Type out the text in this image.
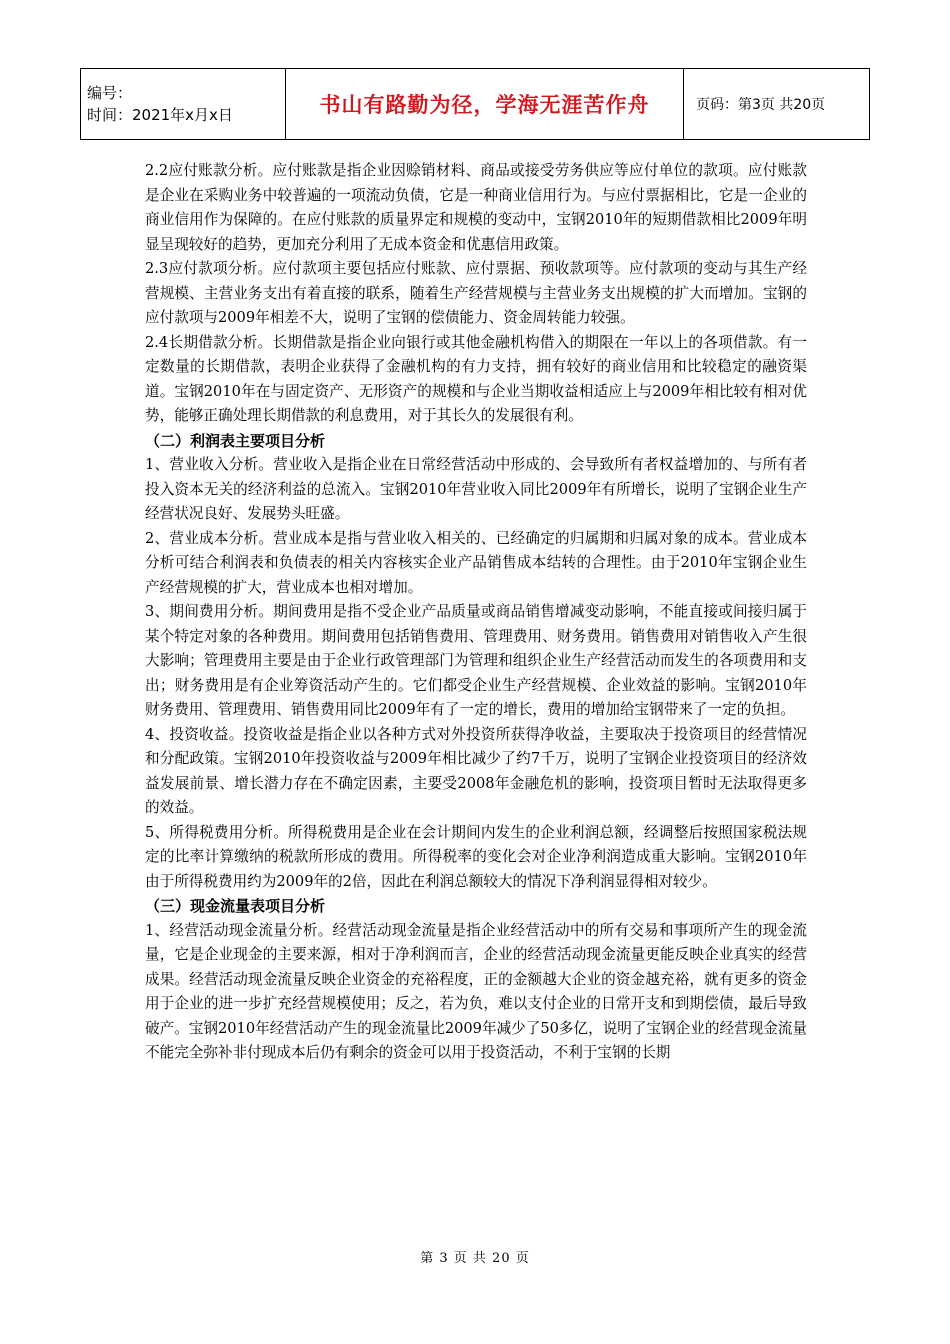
编号：
时间：2021年x月x日	书山有路勤为径，学海无涯苦作舟	页码：第3页 共20页

2.2应付账款分析。应付账款是指企业因赊销材料、商品或接受劳务供应等应付单位的款项。应付账款是企业在采购业务中较普遍的一项流动负债，它是一种商业信用行为。与应付票据相比，它是一企业的商业信用作为保障的。在应付账款的质量界定和规模的变动中，宝钢2010年的短期借款相比2009年明显呈现较好的趋势，更加充分利用了无成本资金和优惠信用政策。

2.3应付款项分析。应付款项主要包括应付账款、应付票据、预收款项等。应付款项的变动与其生产经营规模、主营业务支出有着直接的联系，随着生产经营规模与主营业务支出规模的扩大而增加。宝钢的应付款项与2009年相差不大，说明了宝钢的偿债能力、资金周转能力较强。

2.4长期借款分析。长期借款是指企业向银行或其他金融机构借入的期限在一年以上的各项借款。有一定数量的长期借款，表明企业获得了金融机构的有力支持，拥有较好的商业信用和比较稳定的融资渠道。宝钢2010年在与固定资产、无形资产的规模和与企业当期收益相适应上与2009年相比较有相对优势，能够正确处理长期借款的利息费用，对于其长久的发展很有利。

（二）利润表主要项目分析

1、营业收入分析。营业收入是指企业在日常经营活动中形成的、会导致所有者权益增加的、与所有者投入资本无关的经济利益的总流入。宝钢2010年营业收入同比2009年有所增长，说明了宝钢企业生产经营状况良好、发展势头旺盛。

2、营业成本分析。营业成本是指与营业收入相关的、已经确定的归属期和归属对象的成本。营业成本分析可结合利润表和负债表的相关内容核实企业产品销售成本结转的合理性。由于2010年宝钢企业生产经营规模的扩大，营业成本也相对增加。

3、期间费用分析。期间费用是指不受企业产品质量或商品销售增减变动影响，不能直接或间接归属于某个特定对象的各种费用。期间费用包括销售费用、管理费用、财务费用。销售费用对销售收入产生很大影响；管理费用主要是由于企业行政管理部门为管理和组织企业生产经营活动而发生的各项费用和支出；财务费用是有企业筹资活动产生的。它们都受企业生产经营规模、企业效益的影响。宝钢2010年财务费用、管理费用、销售费用同比2009年有了一定的增长，费用的增加给宝钢带来了一定的负担。

4、投资收益。投资收益是指企业以各种方式对外投资所获得净收益，主要取决于投资项目的经营情况和分配政策。宝钢2010年投资收益与2009年相比减少了约7千万，说明了宝钢企业投资项目的经济效益发展前景、增长潜力存在不确定因素，主要受2008年金融危机的影响，投资项目暂时无法取得更多的效益。

5、所得税费用分析。所得税费用是企业在会计期间内发生的企业利润总额，经调整后按照国家税法规定的比率计算缴纳的税款所形成的费用。所得税率的变化会对企业净利润造成重大影响。宝钢2010年由于所得税费用约为2009年的2倍，因此在利润总额较大的情况下净利润显得相对较少。

（三）现金流量表项目分析

1、经营活动现金流量分析。经营活动现金流量是指企业经营活动中的所有交易和事项所产生的现金流量，它是企业现金的主要来源，相对于净利润而言，企业的经营活动现金流量更能反映企业真实的经营成果。经营活动现金流量反映企业资金的充裕程度，正的金额越大企业的资金越充裕，就有更多的资金用于企业的进一步扩充经营规模使用；反之，若为负，难以支付企业的日常开支和到期偿债，最后导致破产。宝钢2010年经营活动产生的现金流量比2009年减少了50多亿，说明了宝钢企业的经营现金流量不能完全弥补非付现成本后仍有剩余的资金可以用于投资活动，不利于宝钢的长期

第 3 页 共 20 页
